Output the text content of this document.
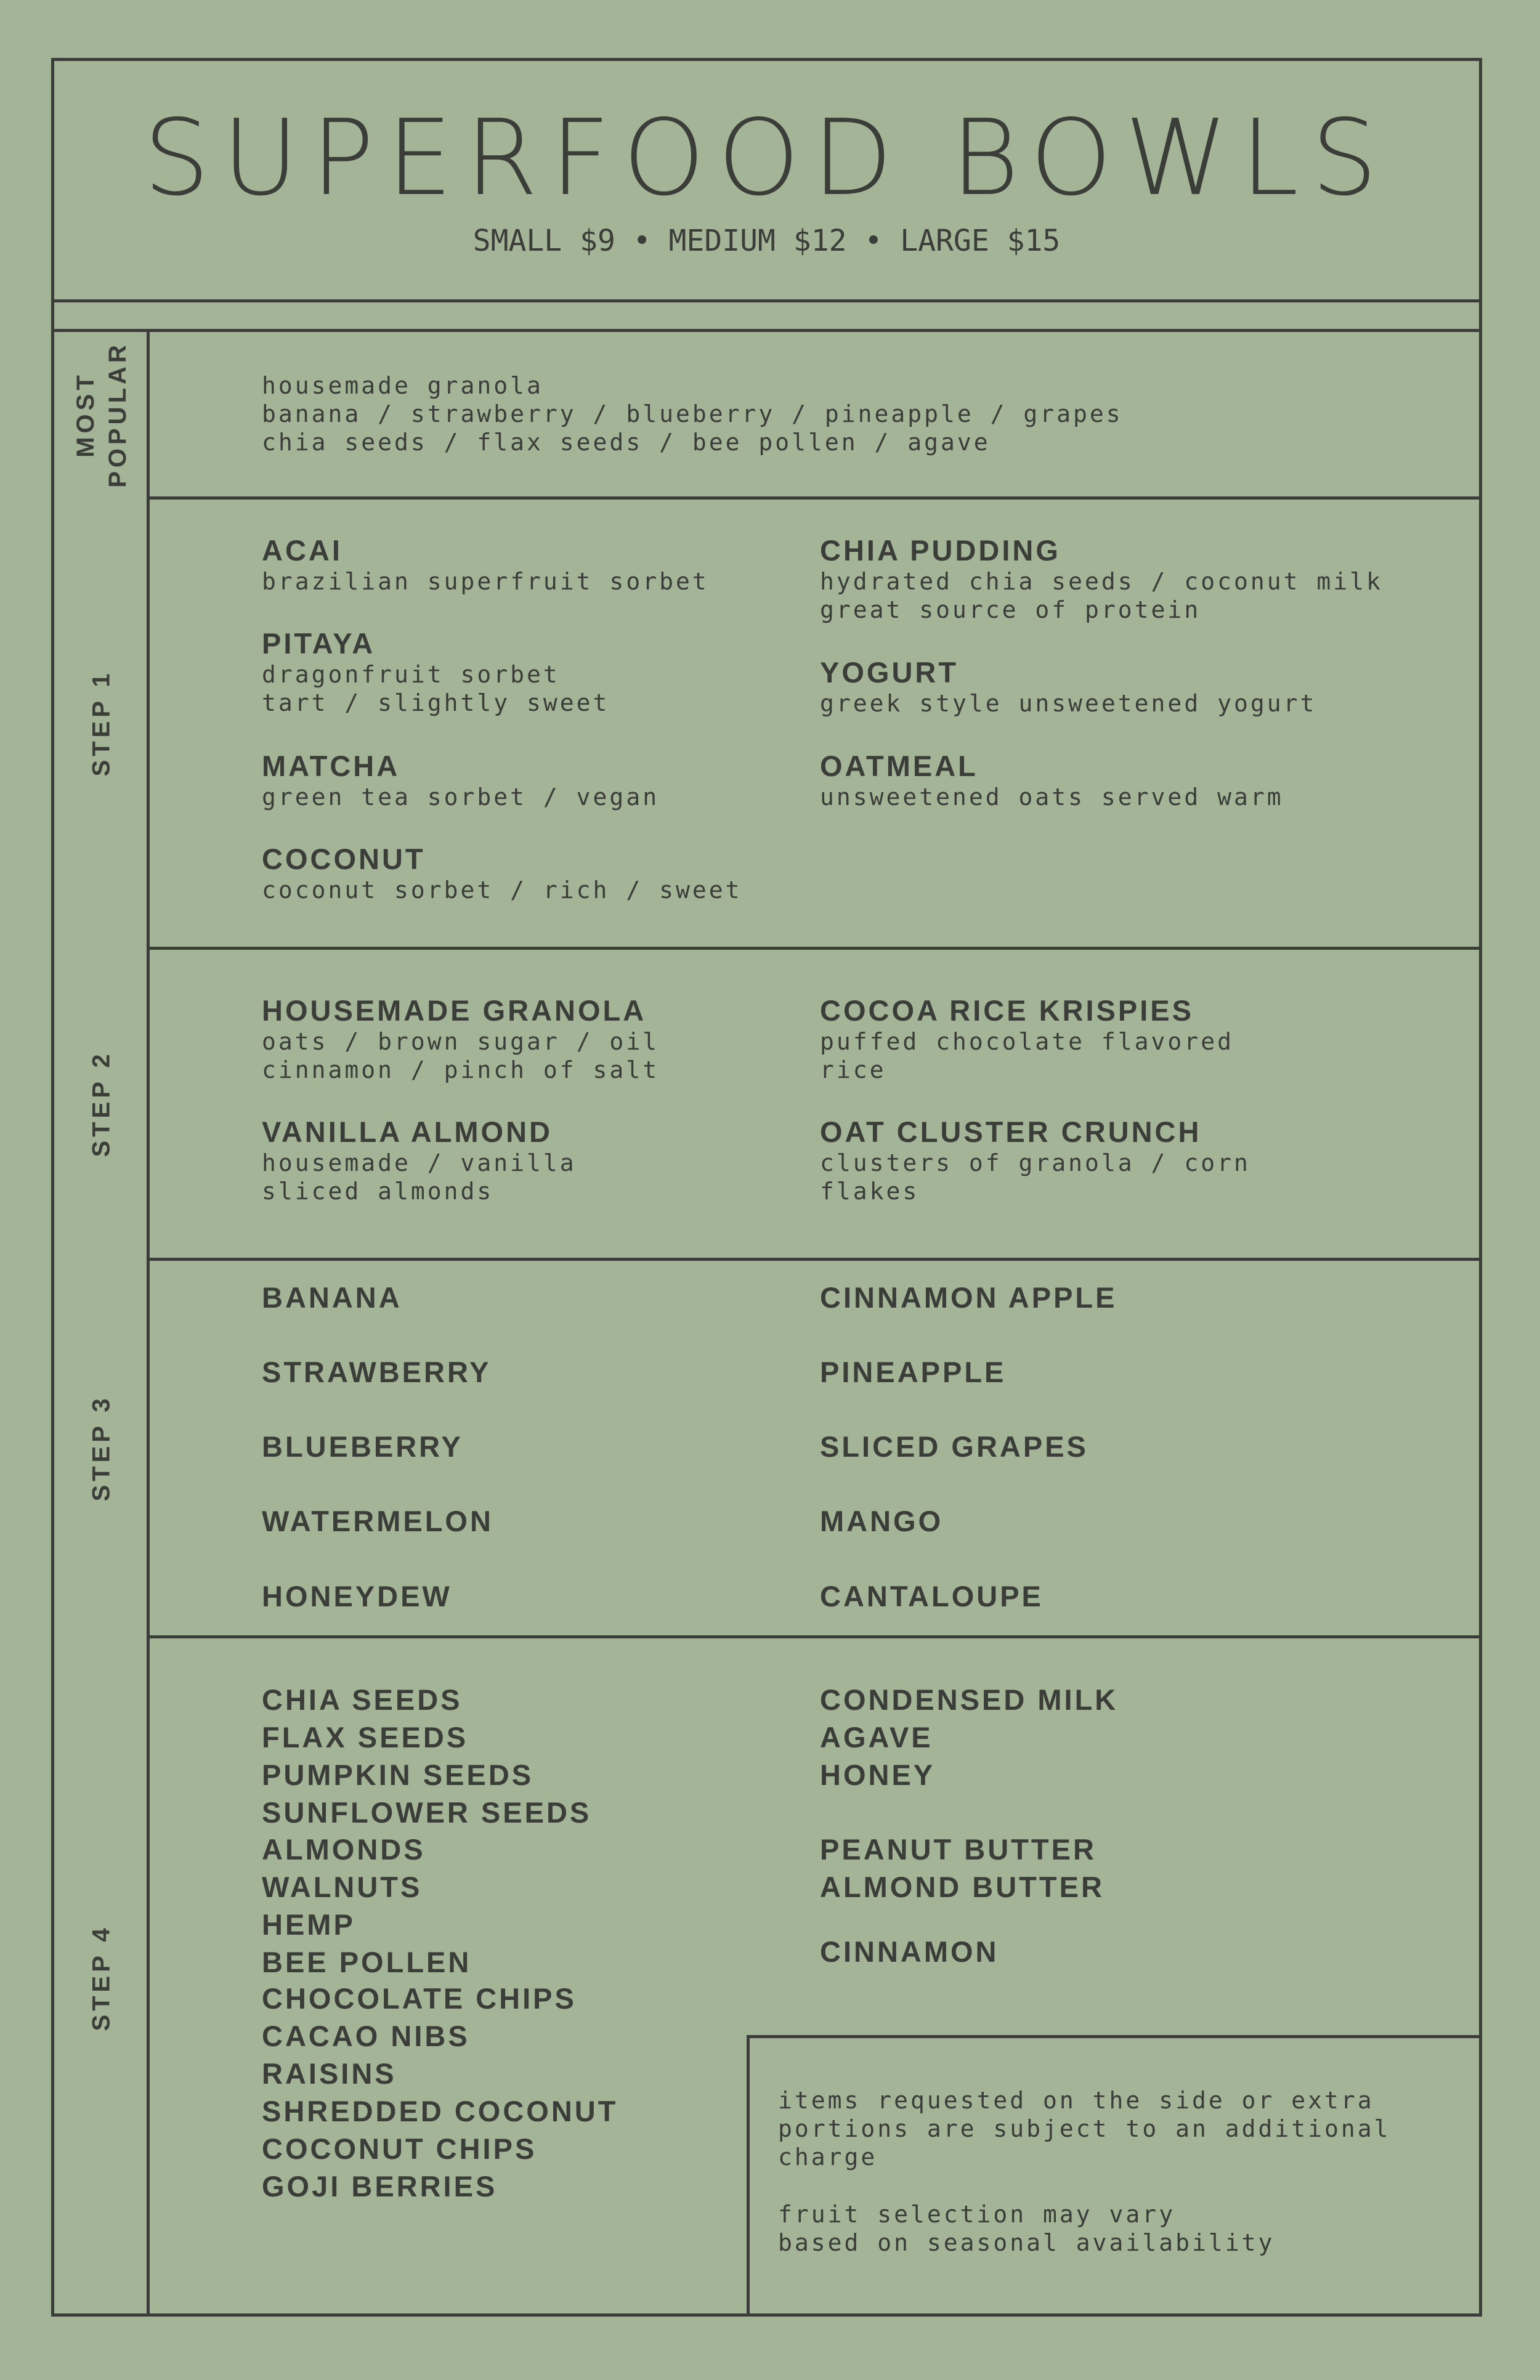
SUPERFOOD BOWLS
SMALL $9 • MEDIUM $12 • LARGE $15
MOST
POPULAR	housemade granola
banana / strawberry / blueberry / pineapple / grapes
chia seeds / flax seeds / bee pollen / agave
STEP 1
ACAI
brazilian superfruit sorbet
PITAYA
dragonfruit sorbet
tart / slightly sweet
MATCHA
green tea sorbet / vegan
COCONUT
coconut sorbet / rich / sweet
CHIA PUDDING
hydrated chia seeds / coconut milk
great source of protein
YOGURT
greek style unsweetened yogurt
OATMEAL
unsweetened oats served warm
STEP 2
HOUSEMADE GRANOLA
oats / brown sugar / oil
cinnamon / pinch of salt
VANILLA ALMOND
housemade / vanilla
sliced almonds
COCOA RICE KRISPIES
puffed chocolate flavored
rice
OAT CLUSTER CRUNCH
clusters of granola / corn
flakes
STEP 3
BANANA
STRAWBERRY
BLUEBERRY
WATERMELON
HONEYDEW
CINNAMON APPLE
PINEAPPLE
SLICED GRAPES
MANGO
CANTALOUPE
STEP 4
CHIA SEEDS
FLAX SEEDS
PUMPKIN SEEDS
SUNFLOWER SEEDS
ALMONDS
WALNUTS
HEMP
BEE POLLEN
CHOCOLATE CHIPS
CACAO NIBS
RAISINS
SHREDDED COCONUT
COCONUT CHIPS
GOJI BERRIES
CONDENSED MILK
AGAVE
HONEY
PEANUT BUTTER
ALMOND BUTTER
CINNAMON
items requested on the side or extra
portions are subject to an additional
charge
fruit selection may vary
based on seasonal availability
